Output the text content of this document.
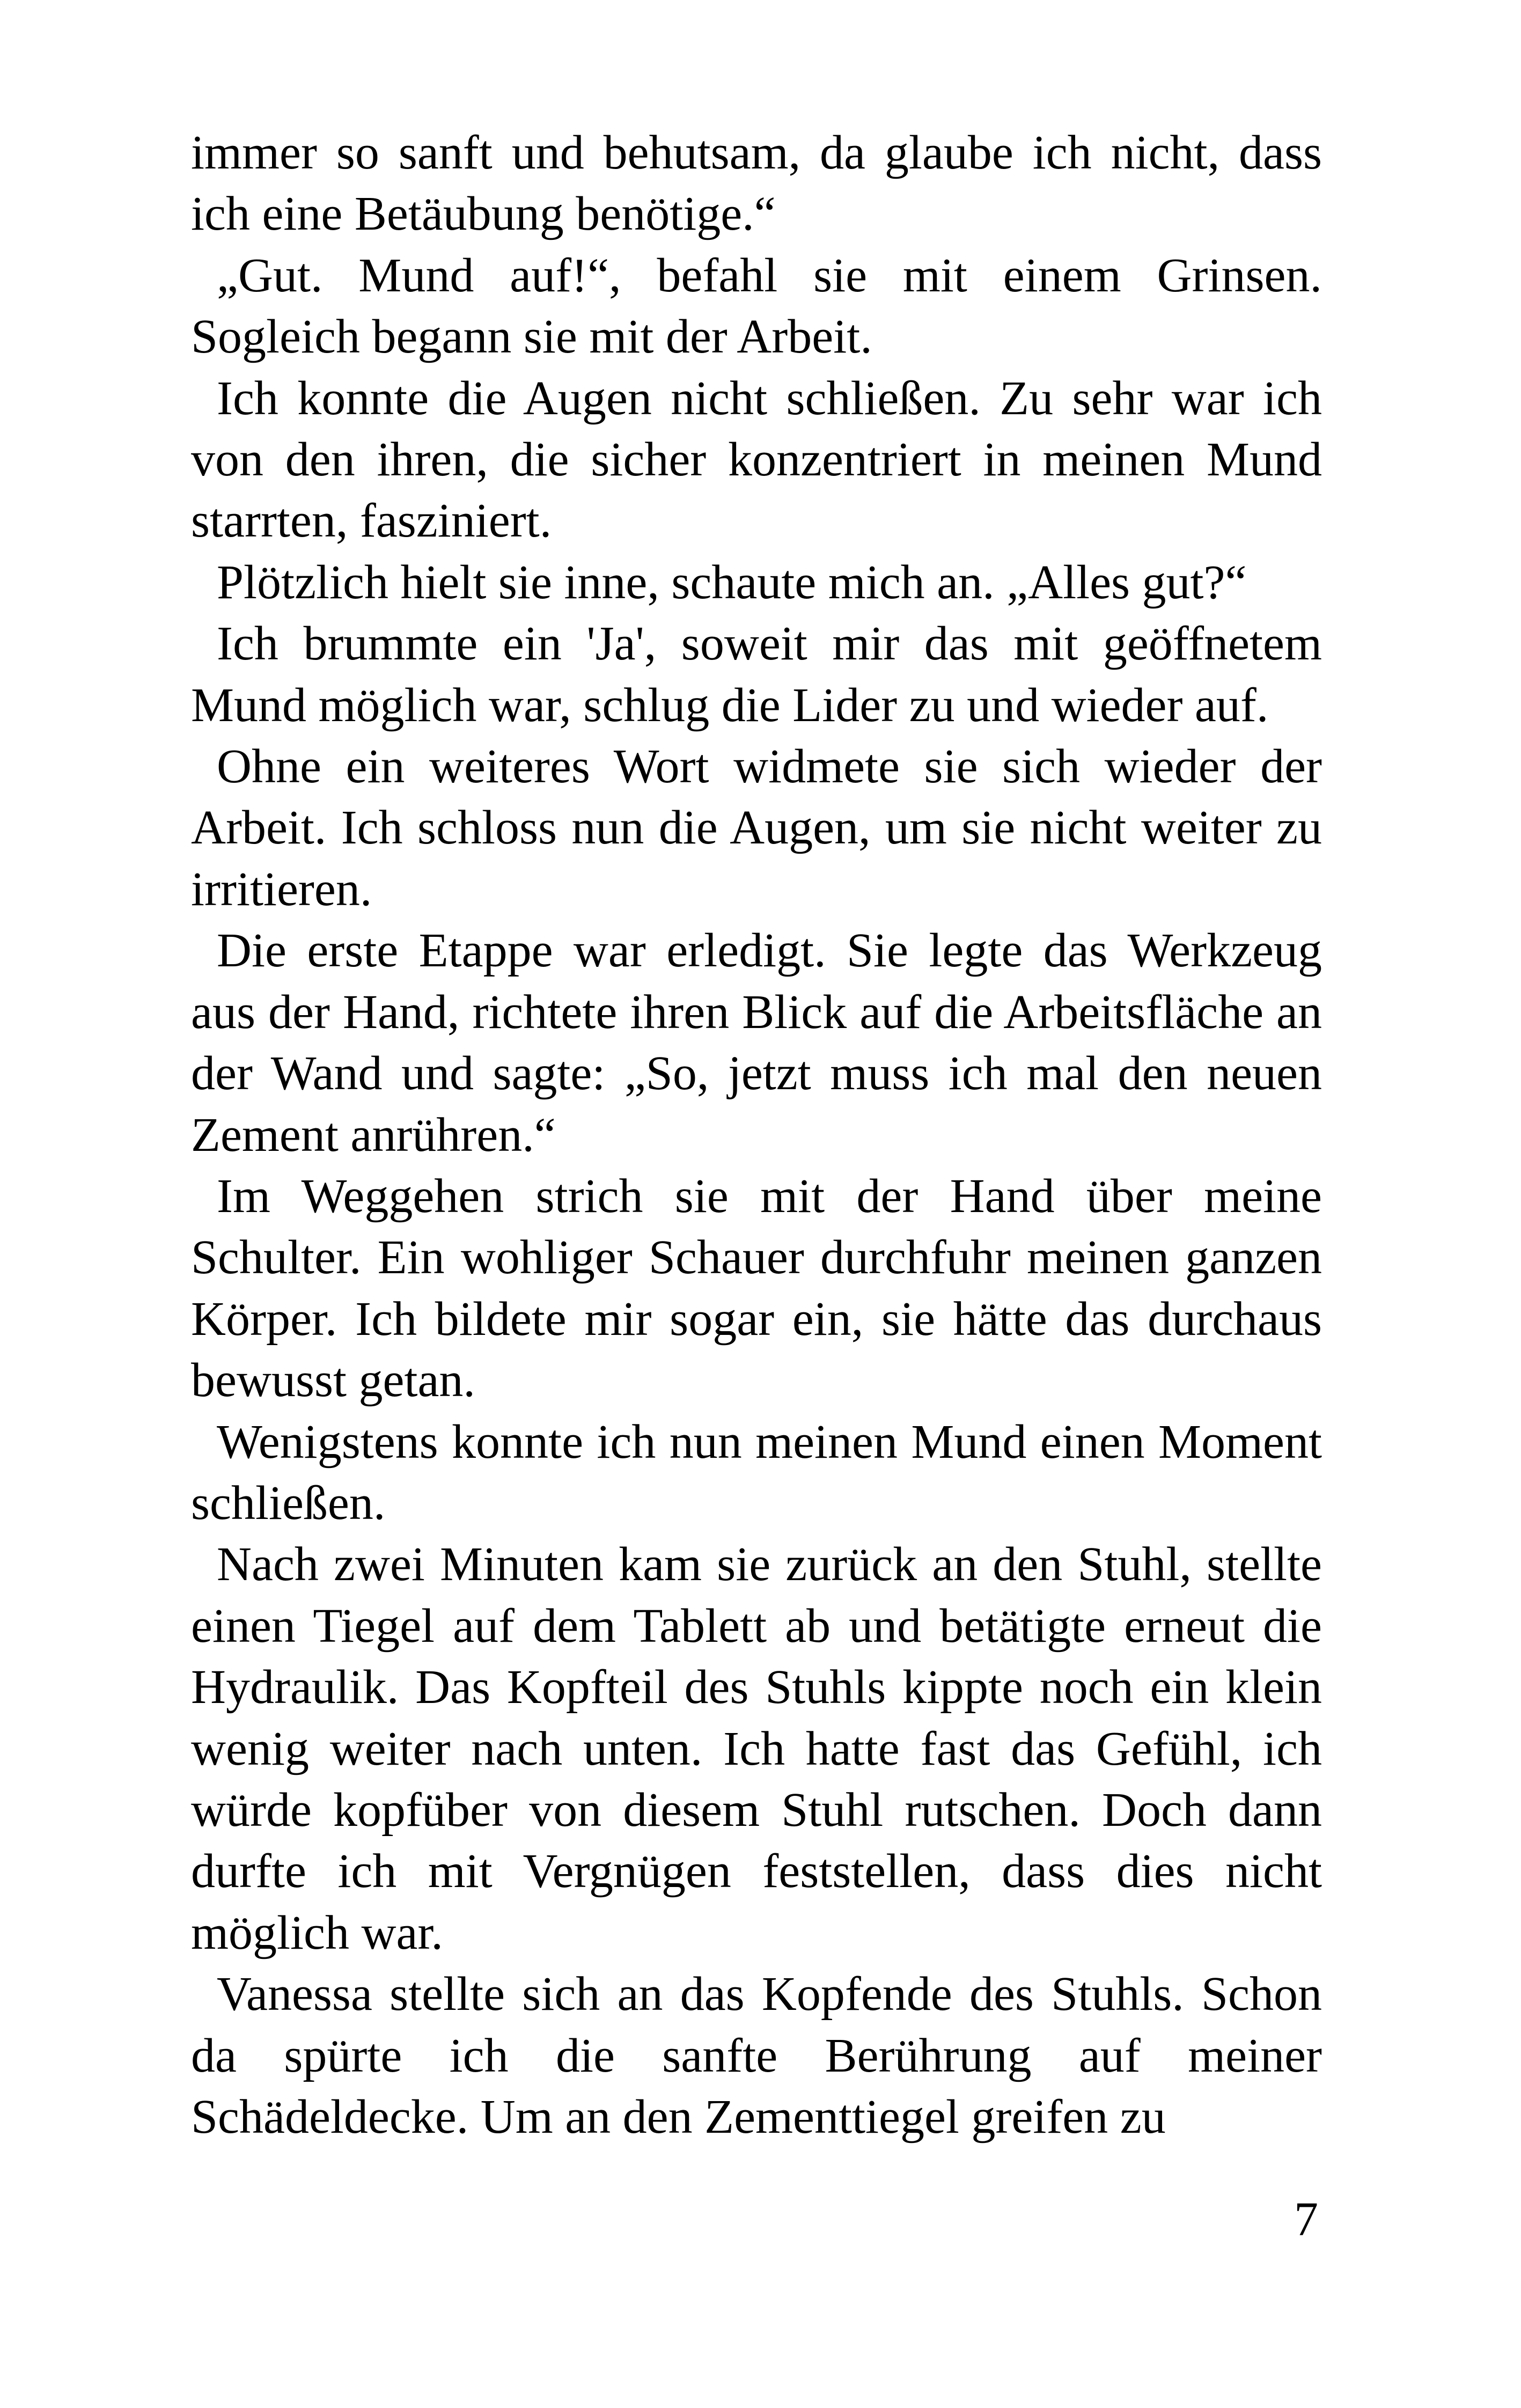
immer so sanft und behutsam, da glaube ich nicht, dass ich eine Betäubung benötige.“

„Gut. Mund auf!“, befahl sie mit einem Grinsen. Sogleich begann sie mit der Arbeit.

Ich konnte die Augen nicht schließen. Zu sehr war ich von den ihren, die sicher konzentriert in meinen Mund starrten, fasziniert.

Plötzlich hielt sie inne, schaute mich an. „Alles gut?“

Ich brummte ein 'Ja', soweit mir das mit geöffnetem Mund möglich war, schlug die Lider zu und wieder auf.

Ohne ein weiteres Wort widmete sie sich wieder der Arbeit. Ich schloss nun die Augen, um sie nicht weiter zu irritieren.

Die erste Etappe war erledigt. Sie legte das Werkzeug aus der Hand, richtete ihren Blick auf die Arbeitsfläche an der Wand und sagte: „So, jetzt muss ich mal den neuen Zement anrühren.“

Im Weggehen strich sie mit der Hand über meine Schulter. Ein wohliger Schauer durchfuhr meinen ganzen Körper. Ich bildete mir sogar ein, sie hätte das durchaus bewusst getan.

Wenigstens konnte ich nun meinen Mund einen Moment schließen.

Nach zwei Minuten kam sie zurück an den Stuhl, stellte einen Tiegel auf dem Tablett ab und betätigte erneut die Hydraulik. Das Kopfteil des Stuhls kippte noch ein klein wenig weiter nach unten. Ich hatte fast das Gefühl, ich würde kopfüber von diesem Stuhl rutschen. Doch dann durfte ich mit Vergnügen feststellen, dass dies nicht möglich war.

Vanessa stellte sich an das Kopfende des Stuhls. Schon da spürte ich die sanfte Berührung auf meiner Schädeldecke. Um an den Zementtiegel greifen zu

7
